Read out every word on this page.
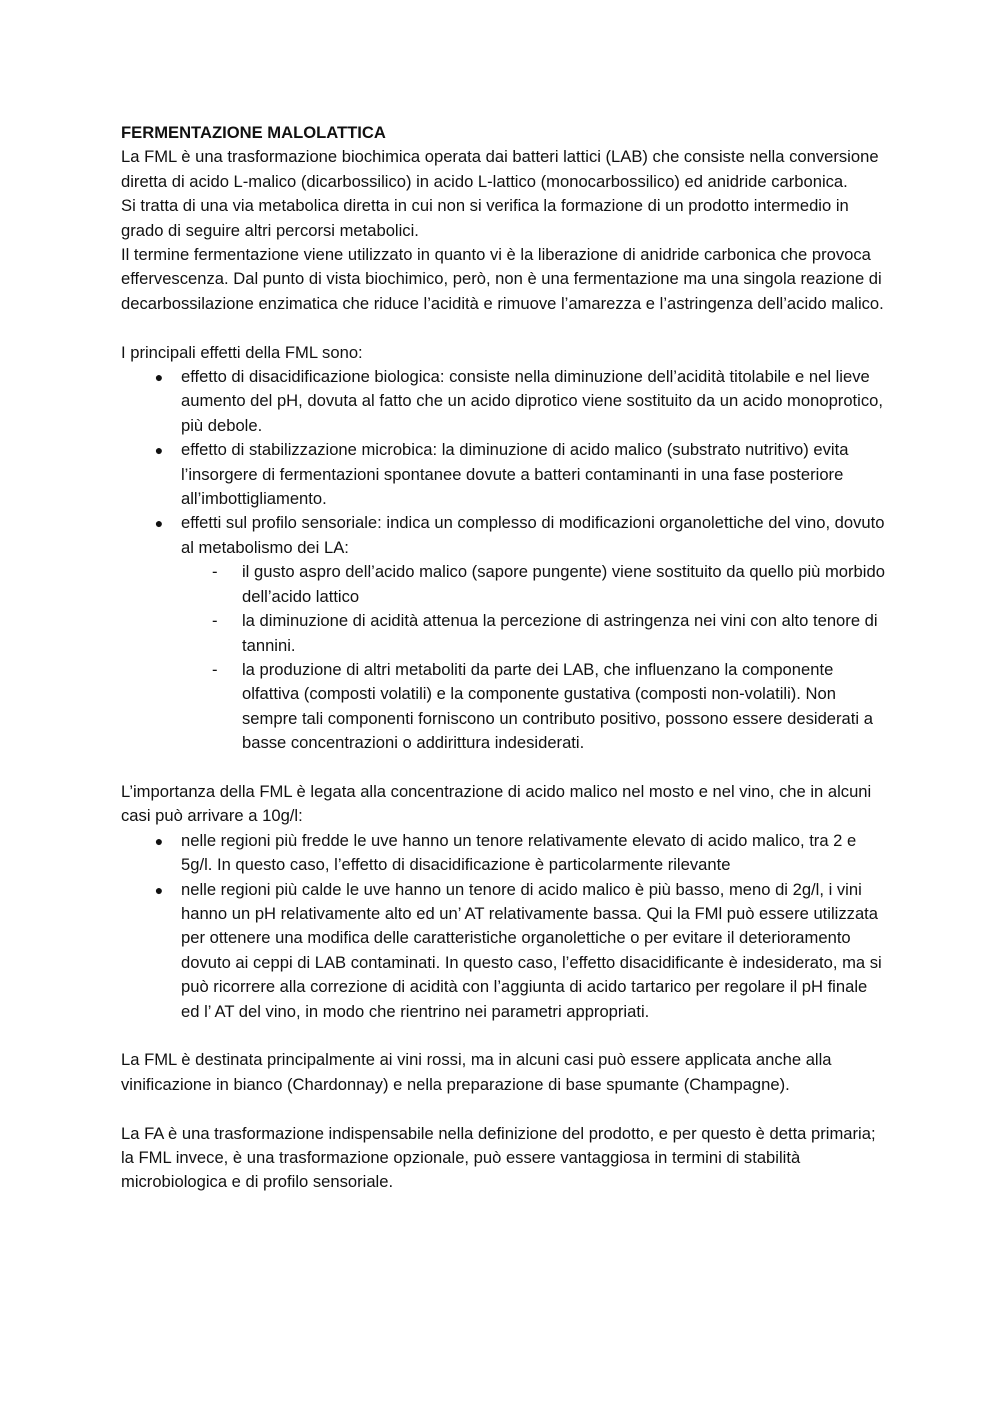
FERMENTAZIONE MALOLATTICA

La FML è una trasformazione biochimica operata dai batteri lattici (LAB) che consiste nella conversione diretta di acido L-malico (dicarbossilico) in acido L-lattico (monocarbossilico) ed anidride carbonica.

Si tratta di una via metabolica diretta in cui non si verifica la formazione di un prodotto intermedio in grado di seguire altri percorsi metabolici.

Il termine fermentazione viene utilizzato in quanto vi è la liberazione di anidride carbonica che provoca effervescenza. Dal punto di vista biochimico, però, non è una fermentazione ma una singola reazione di decarbossilazione enzimatica che riduce l’acidità e rimuove l’amarezza e l’astringenza dell’acido malico.

I principali effetti della FML sono:

● effetto di disacidificazione biologica: consiste nella diminuzione dell’acidità titolabile e nel lieve aumento del pH, dovuta al fatto che un acido diprotico viene sostituito da un acido monoprotico, più debole.
● effetto di stabilizzazione microbica: la diminuzione di acido malico (substrato nutritivo) evita l’insorgere di fermentazioni spontanee dovute a batteri contaminanti in una fase posteriore all’imbottigliamento.
● effetti sul profilo sensoriale: indica un complesso di modificazioni organolettiche del vino, dovuto al metabolismo dei LA:
- il gusto aspro dell’acido malico (sapore pungente) viene sostituito da quello più morbido dell’acido lattico
- la diminuzione di acidità attenua la percezione di astringenza nei vini con alto tenore di tannini.
- la produzione di altri metaboliti da parte dei LAB, che influenzano la componente olfattiva (composti volatili) e la componente gustativa (composti non-volatili). Non sempre tali componenti forniscono un contributo positivo, possono essere desiderati a basse concentrazioni o addirittura indesiderati.

L’importanza della FML è legata alla concentrazione di acido malico nel mosto e nel vino, che in alcuni casi può arrivare a 10g/l:

● nelle regioni più fredde le uve hanno un tenore relativamente elevato di acido malico, tra 2 e 5g/l. In questo caso, l’effetto di disacidificazione è particolarmente rilevante
● nelle regioni più calde le uve hanno un tenore di acido malico è più basso, meno di 2g/l, i vini hanno un pH relativamente alto ed un’ AT relativamente bassa. Qui la FMl può essere utilizzata per ottenere una modifica delle caratteristiche organolettiche o per evitare il deterioramento dovuto ai ceppi di LAB contaminati. In questo caso, l’effetto disacidificante è indesiderato, ma si può ricorrere alla correzione di acidità con l’aggiunta di acido tartarico per regolare il pH finale ed l’ AT del vino, in modo che rientrino nei parametri appropriati.

La FML è destinata principalmente ai vini rossi, ma in alcuni casi può essere applicata anche alla vinificazione in bianco (Chardonnay) e nella preparazione di base spumante (Champagne).

La FA è una trasformazione indispensabile nella definizione del prodotto, e per questo è detta primaria; la FML invece, è una trasformazione opzionale, può essere vantaggiosa in termini di stabilità microbiologica e di profilo sensoriale.
